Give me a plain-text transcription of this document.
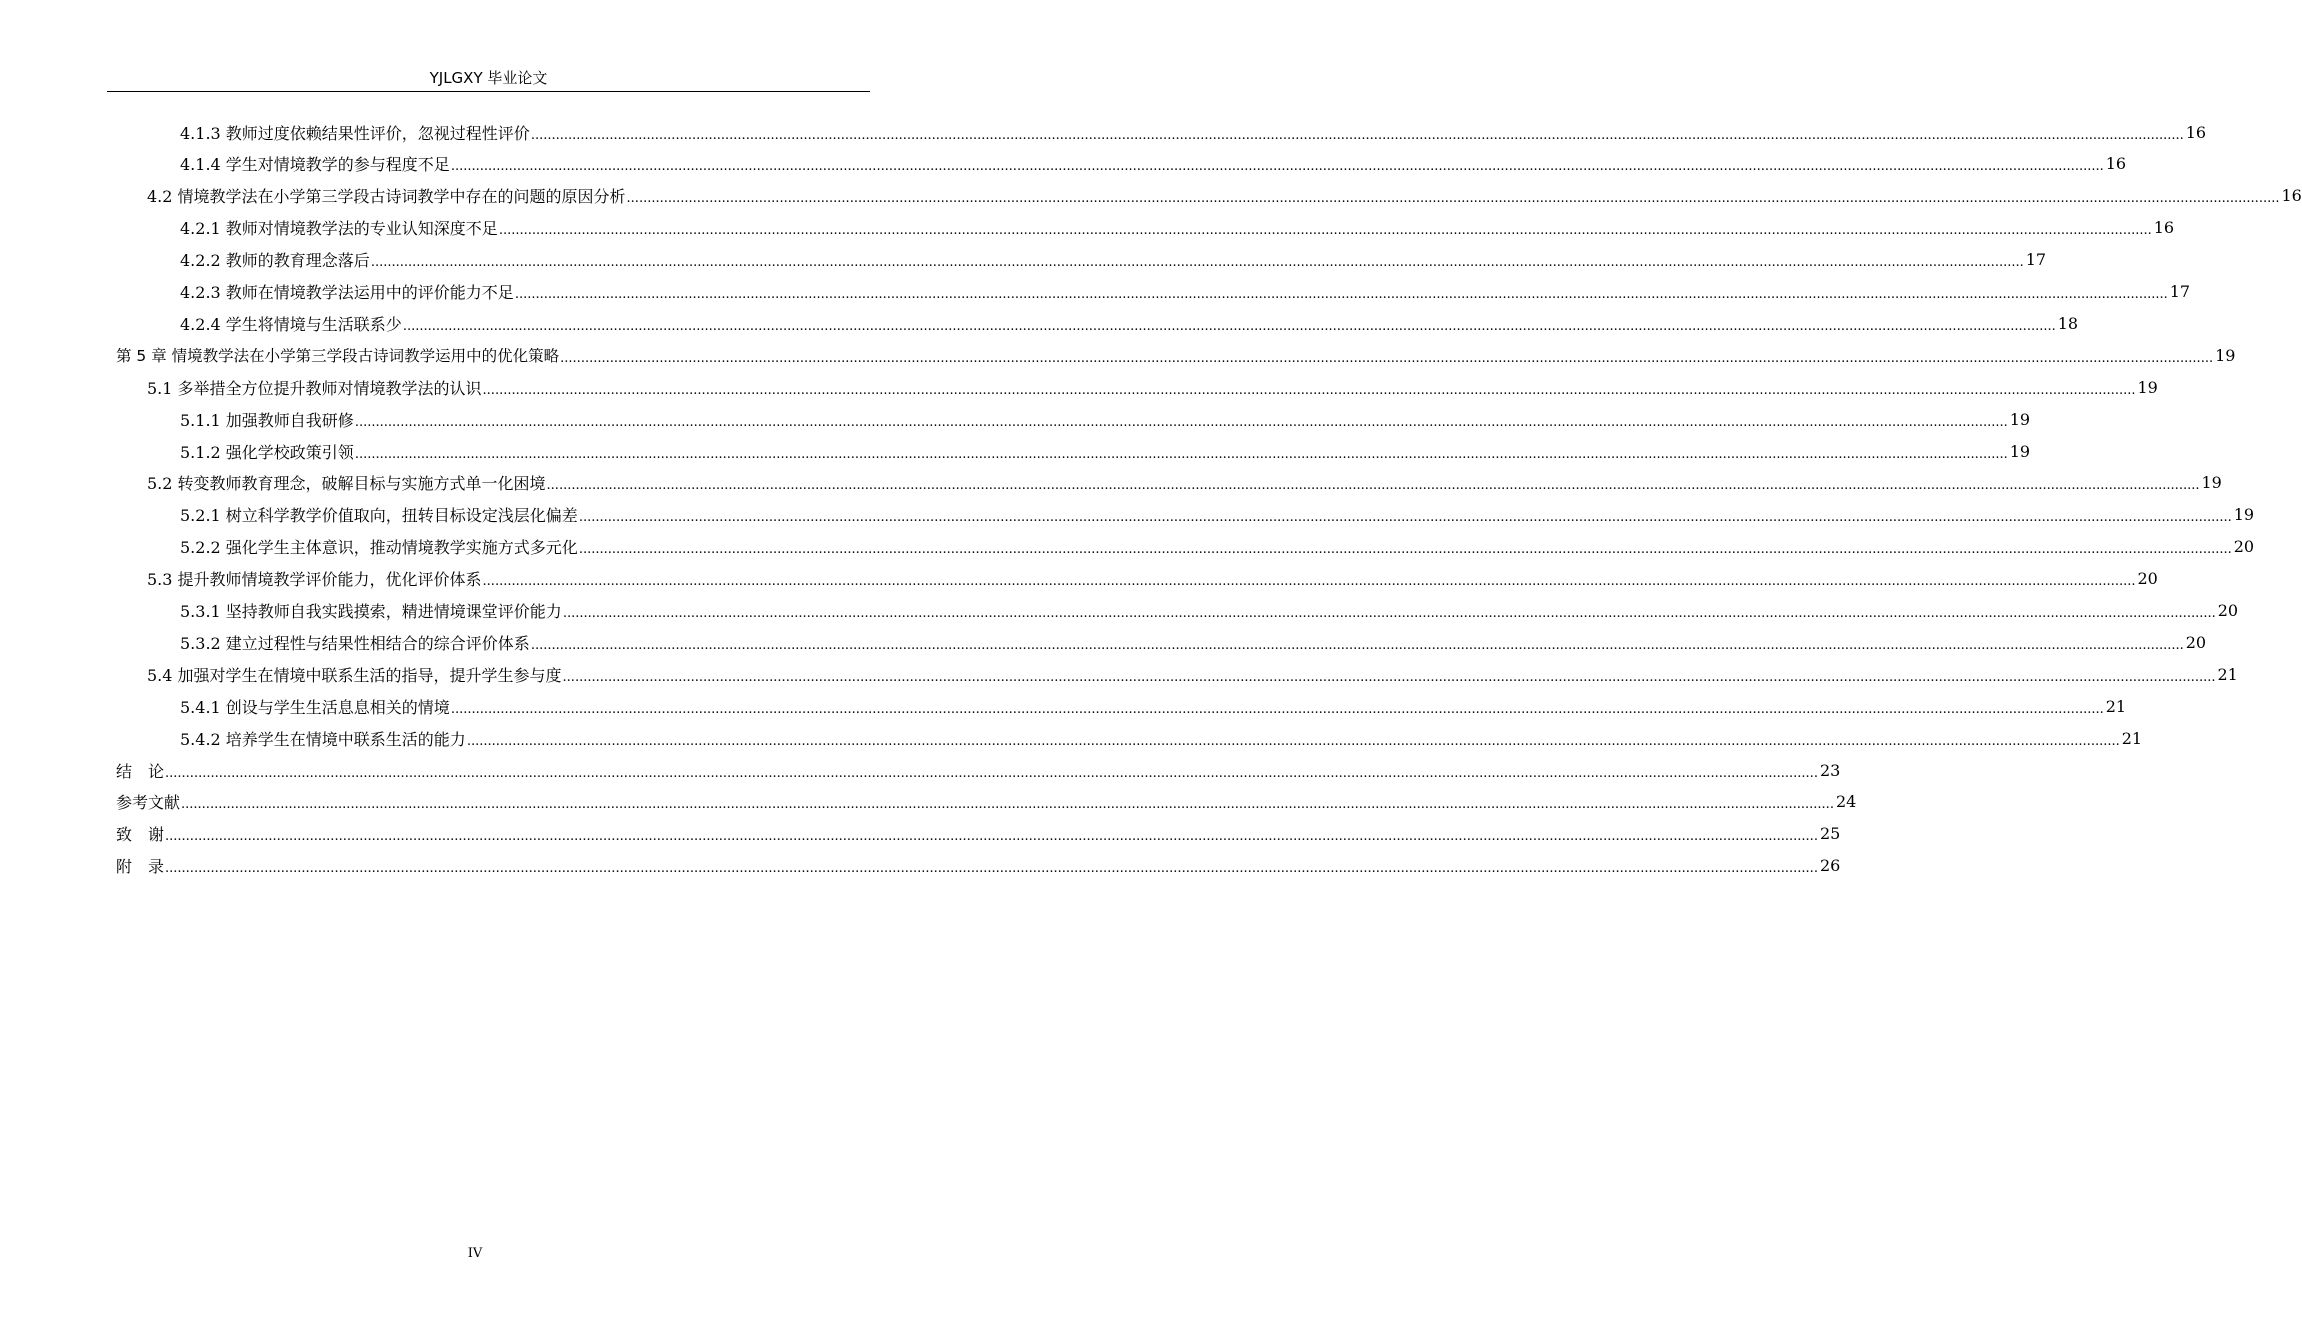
YJLGXY 毕业论文
4.1.3 教师过度依赖结果性评价，忽视过程性评价 ................................................................................................................................................................................................................................................................................................................................................................................................................ 16
4.1.4 学生对情境教学的参与程度不足 ................................................................................................................................................................................................................................................................................................................................................................................................................ 16
4.2 情境教学法在小学第三学段古诗词教学中存在的问题的原因分析 ................................................................................................................................................................................................................................................................................................................................................................................................................ 16
4.2.1 教师对情境教学法的专业认知深度不足 ................................................................................................................................................................................................................................................................................................................................................................................................................ 16
4.2.2 教师的教育理念落后 ................................................................................................................................................................................................................................................................................................................................................................................................................ 17
4.2.3 教师在情境教学法运用中的评价能力不足 ................................................................................................................................................................................................................................................................................................................................................................................................................ 17
4.2.4 学生将情境与生活联系少 ................................................................................................................................................................................................................................................................................................................................................................................................................ 18
第 5 章 情境教学法在小学第三学段古诗词教学运用中的优化策略 ................................................................................................................................................................................................................................................................................................................................................................................................................ 19
5.1 多举措全方位提升教师对情境教学法的认识 ................................................................................................................................................................................................................................................................................................................................................................................................................ 19
5.1.1 加强教师自我研修 ................................................................................................................................................................................................................................................................................................................................................................................................................ 19
5.1.2 强化学校政策引领 ................................................................................................................................................................................................................................................................................................................................................................................................................ 19
5.2 转变教师教育理念，破解目标与实施方式单一化困境 ................................................................................................................................................................................................................................................................................................................................................................................................................ 19
5.2.1 树立科学教学价值取向，扭转目标设定浅层化偏差 ................................................................................................................................................................................................................................................................................................................................................................................................................ 19
5.2.2 强化学生主体意识，推动情境教学实施方式多元化 ................................................................................................................................................................................................................................................................................................................................................................................................................ 20
5.3 提升教师情境教学评价能力，优化评价体系 ................................................................................................................................................................................................................................................................................................................................................................................................................ 20
5.3.1 坚持教师自我实践摸索，精进情境课堂评价能力 ................................................................................................................................................................................................................................................................................................................................................................................................................ 20
5.3.2 建立过程性与结果性相结合的综合评价体系 ................................................................................................................................................................................................................................................................................................................................................................................................................ 20
5.4 加强对学生在情境中联系生活的指导，提升学生参与度 ................................................................................................................................................................................................................................................................................................................................................................................................................ 21
5.4.1 创设与学生生活息息相关的情境 ................................................................................................................................................................................................................................................................................................................................................................................................................ 21
5.4.2 培养学生在情境中联系生活的能力 ................................................................................................................................................................................................................................................................................................................................................................................................................ 21
结　论 ................................................................................................................................................................................................................................................................................................................................................................................................................ 23
参考文献 ................................................................................................................................................................................................................................................................................................................................................................................................................ 24
致　谢 ................................................................................................................................................................................................................................................................................................................................................................................................................ 25
附　录 ................................................................................................................................................................................................................................................................................................................................................................................................................ 26
IV
